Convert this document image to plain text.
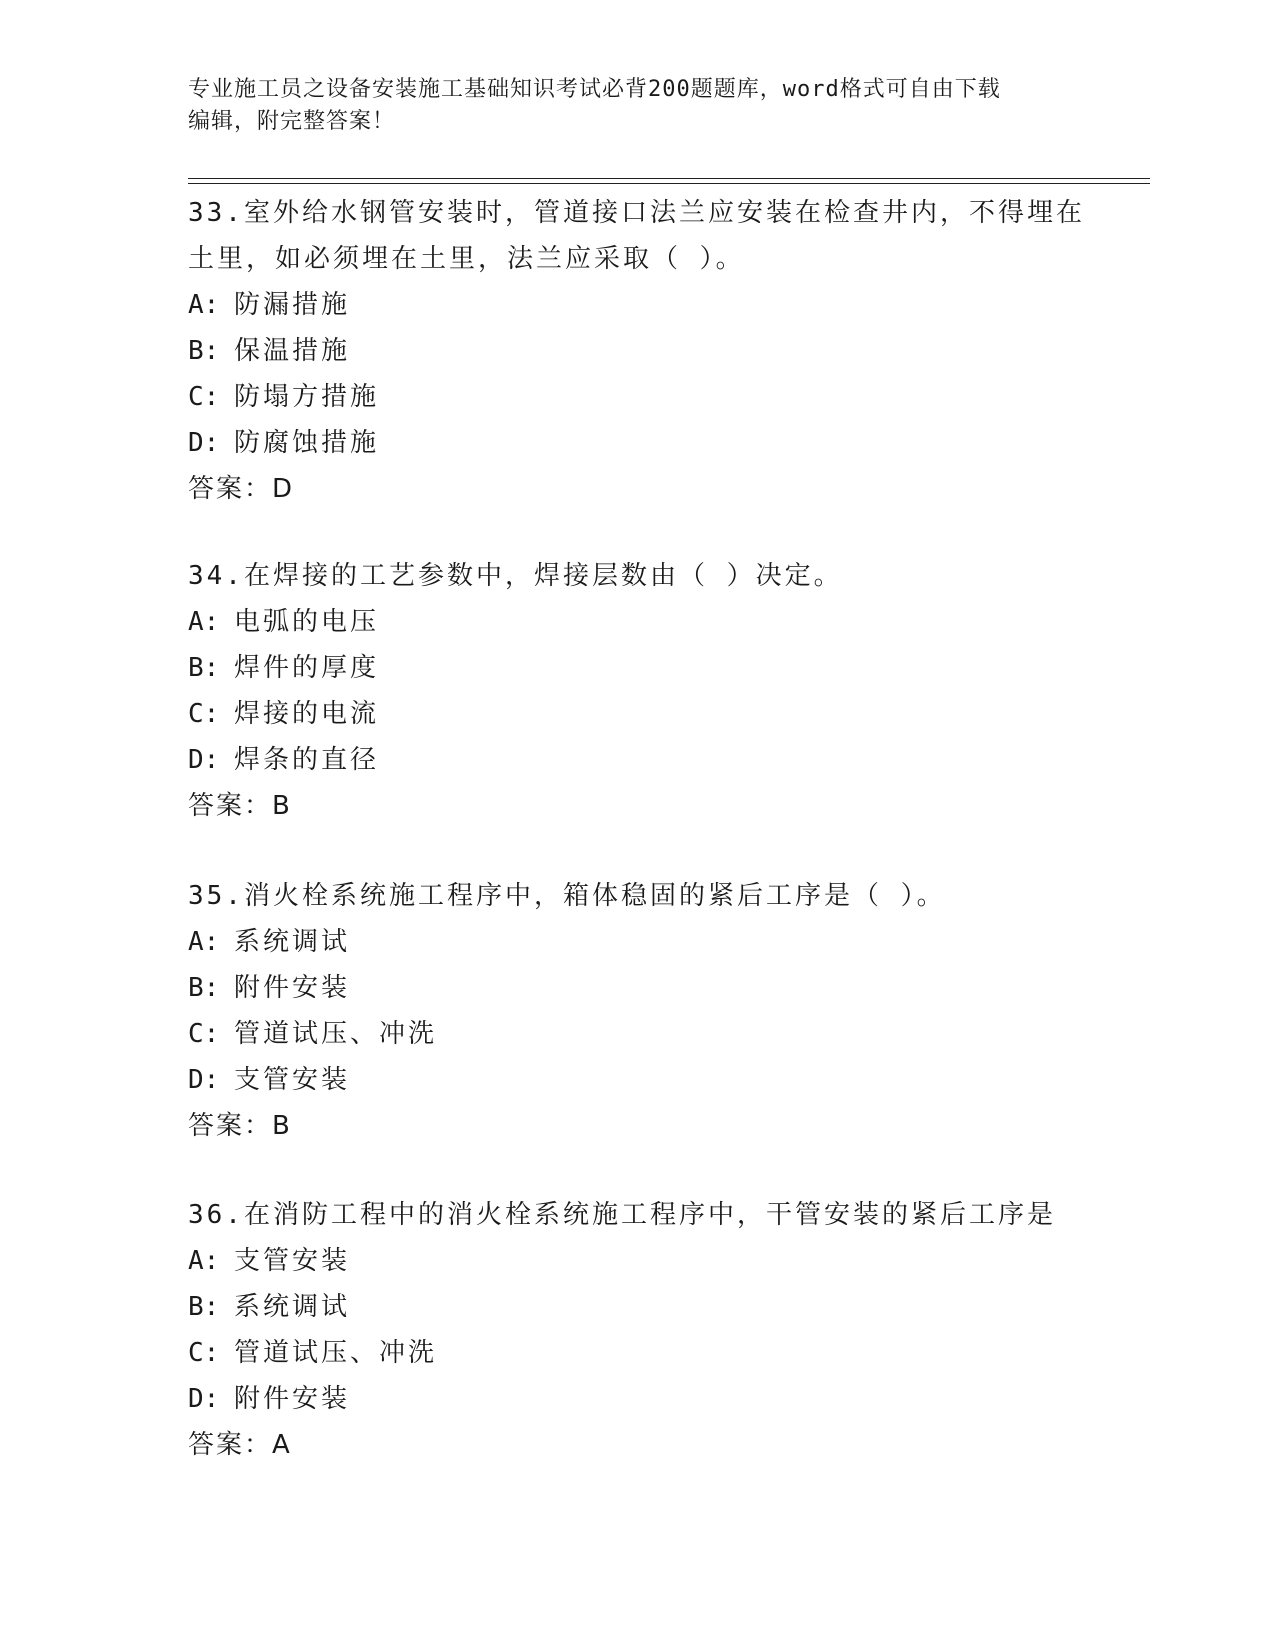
专业施工员之设备安装施工基础知识考试必背200题题库，word格式可自由下载
编辑，附完整答案！
33.室外给水钢管安装时，管道接口法兰应安装在检查井内，不得埋在
土里，如必须埋在土里，法兰应采取（ ）。
A: 防漏措施
B: 保温措施
C: 防塌方措施
D: 防腐蚀措施
答案：D
34.在焊接的工艺参数中，焊接层数由（ ）决定。
A: 电弧的电压
B: 焊件的厚度
C: 焊接的电流
D: 焊条的直径
答案：B
35.消火栓系统施工程序中，箱体稳固的紧后工序是（ ）。
A: 系统调试
B: 附件安装
C: 管道试压、冲洗
D: 支管安装
答案：B
36.在消防工程中的消火栓系统施工程序中，干管安装的紧后工序是
A: 支管安装
B: 系统调试
C: 管道试压、冲洗
D: 附件安装
答案：A
